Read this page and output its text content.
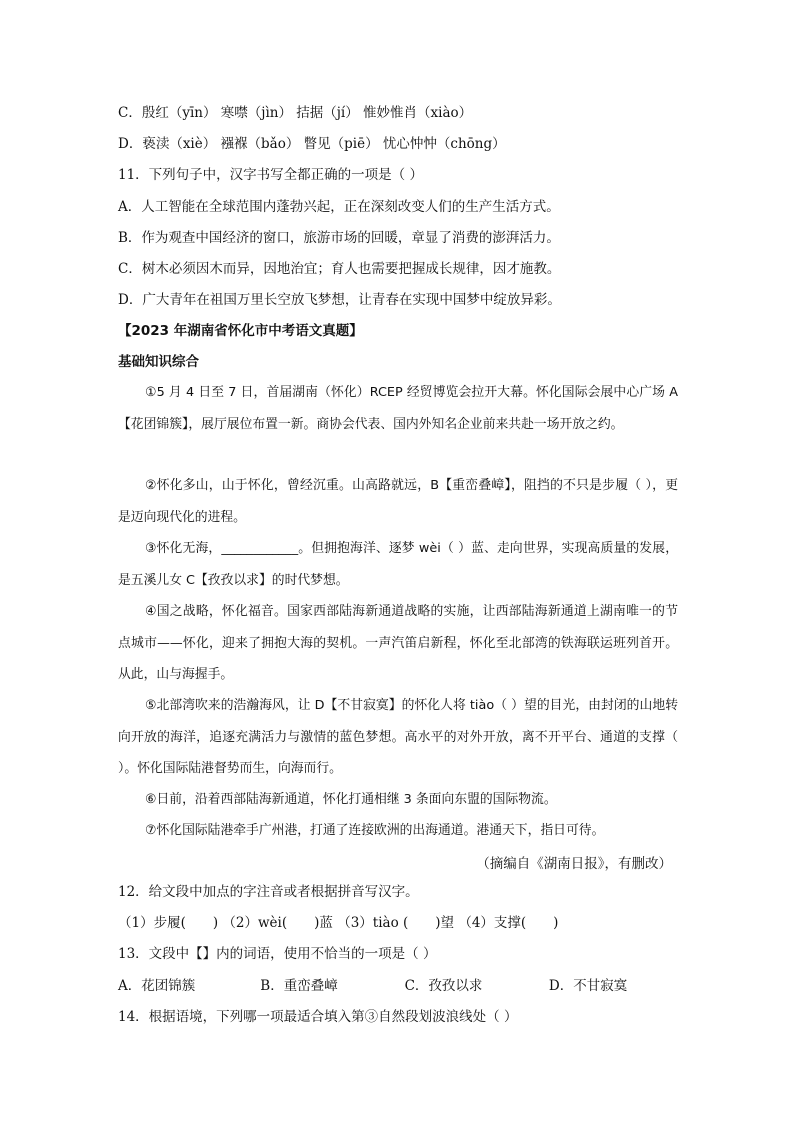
C．殷红（yīn） 寒噤（jìn） 拮据（jí） 惟妙惟肖（xiào）
D．亵渎（xiè） 襁褓（bǎo） 瞥见（piē） 忧心忡忡（chōng）
11．下列句子中，汉字书写全都正确的一项是（ ）
A．人工智能在全球范围内蓬勃兴起，正在深刻改变人们的生产生活方式。
B．作为观查中国经济的窗口，旅游市场的回暖，章显了消费的澎湃活力。
C．树木必须因木而异，因地治宜；育人也需要把握成长规律，因才施教。
D．广大青年在祖国万里长空放飞梦想，让青春在实现中国梦中绽放异彩。
【2023 年湖南省怀化市中考语文真题】
基础知识综合
①5 月 4 日至 7 日，首届湖南（怀化）RCEP 经贸博览会拉开大幕。怀化国际会展中心广场 A【花团锦簇】，展厅展位布置一新。商协会代表、国内外知名企业前来共赴一场开放之约。
②怀化多山，山于怀化，曾经沉重。山高路就远，B【重峦叠嶂】，阻挡的不只是步履（ ），更是迈向现代化的进程。
③怀化无海，____________。但拥抱海洋、逐梦 wèi（ ）蓝、走向世界，实现高质量的发展，是五溪儿女 C【孜孜以求】的时代梦想。
④国之战略，怀化福音。国家西部陆海新通道战略的实施，让西部陆海新通道上湖南唯一的节点城市——怀化，迎来了拥抱大海的契机。一声汽笛启新程，怀化至北部湾的铁海联运班列首开。从此，山与海握手。
⑤北部湾吹来的浩瀚海风，让 D【不甘寂寞】的怀化人将 tiào（ ）望的目光，由封闭的山地转向开放的海洋，追逐充满活力与激情的蓝色梦想。高水平的对外开放，离不开平台、通道的支撑（ ）。怀化国际陆港督势而生，向海而行。
⑥日前，沿着西部陆海新通道，怀化打通相继 3 条面向东盟的国际物流。
⑦怀化国际陆港牵手广州港，打通了连接欧洲的出海通道。港通天下，指日可待。
（摘编自《湖南日报》，有删改）
12．给文段中加点的字注音或者根据拼音写汉字。
（1）步履(　　) （2）wèi(　　)蓝 （3）tiào (　　)望 （4）支撑(　　)
13．文段中【】内的词语，使用不恰当的一项是（ ）
A．花团锦簇	B．重峦叠嶂	C．孜孜以求	D．不甘寂寞
14．根据语境，下列哪一项最适合填入第③自然段划波浪线处（ ）
